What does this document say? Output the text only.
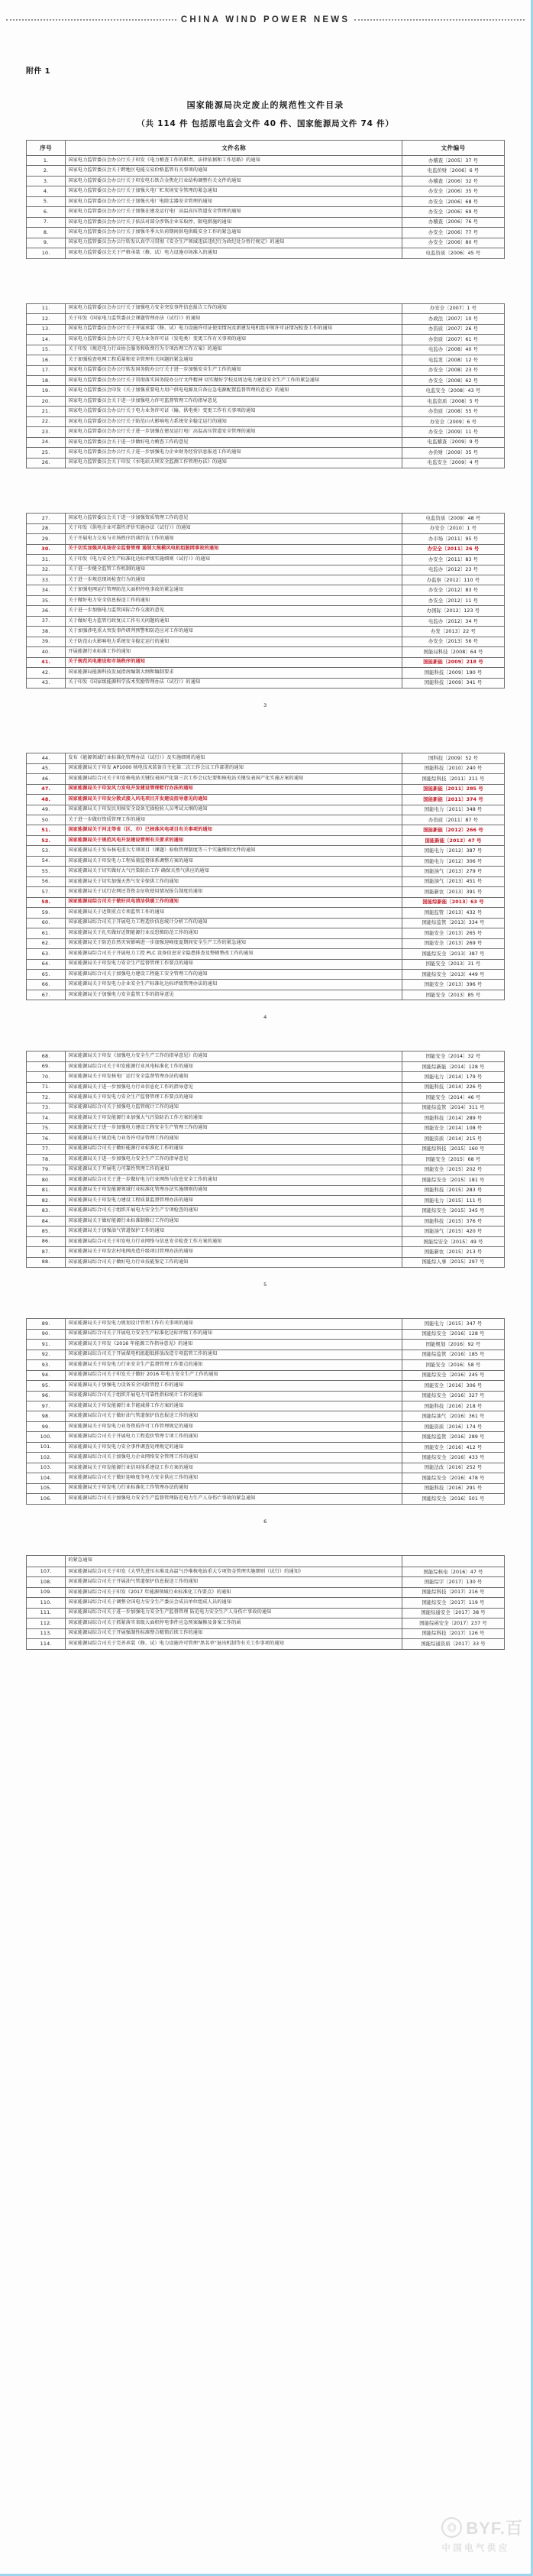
CHINA WIND POWER NEWS
附件 1
国家能源局决定废止的规范性文件目录
（共 114 件 包括原电监会文件 40 件、国家能源局文件 74 件）
序号	文件名称	文件编号
1.	国家电力监管委员会办公厅关于印发《电力稽查工作的职责、法律依据和工作思路》的通知	办稽查〔2005〕37 号
2.	国家电力监管委员会关于跨地区电能交易价格监管有关事项的通知	电监价财〔2006〕6 号
3.	国家电力监管委员会办公厅关于印发电石铁合金焦化行业结构调整有关文件的通知	办稽查〔2006〕32 号
4.	国家电力监管委员会办公厅关于加强火电厂贮灰场安全管理的紧急通知	办安全〔2006〕35 号
5.	国家电力监管委员会办公厅关于加强火电厂电除尘器安全管理的通知	办安全〔2006〕68 号
6.	国家电力监管委员会办公厅关于加强在建及运行电厂高温高压管道安全管理的通知	办安全〔2006〕69 号
7.	国家电力监管委员会办公厅关于依法对部分涉铬企业采取停、限电措施的通知	办稽查〔2006〕76 号
8.	国家电力监管委员会办公厅关于加强冬季大负荷期间供电供暖安全工作的紧急通知	办安全〔2006〕77 号
9.	国家电力监管委员会办公厅转发认真学习贯彻《安全生产领域违法违纪行为政纪处分暂行规定》的通知	办安全〔2006〕80 号
10.	国家电力监管委员会关于严格承装（修、试）电力设施市场准入的通知	电监资质〔2006〕45 号
11.	国家电力监管委员会办公厅关于加强电力安全突发事件信息报告工作的通知	办安全〔2007〕1 号
12.	关于印发《国家电力监管委员会课题管理办法（试行）》的通知	办政法〔2007〕10 号
13.	国家电力监管委员会办公厅关于开展承装（修、试）电力设施许可证使用情况及新建发电机组申领许可证情况检查工作的通知	办资质〔2007〕26 号
14.	国家电力监管委员会办公厅关于电力业务许可证（发电类）变更工作有关事项的通知	办资质〔2007〕61 号
15.	关于印发《规范电力行业协会服务和收费行为专项治理工作方案》的通知	电监办〔2008〕40 号
16.	关于加强检查电网工程质量和安全管理有关问题的紧急通知	电监发〔2008〕12 号
17.	国家电力监管委员会办公厅转发国务院办公厅关于进一步加强安全生产工作的通知	办安全〔2008〕23 号
18.	国家电力监管委员会办公厅关于贯彻落实国务院办公厅文件精神 切实做好学校及周边电力建设安全生产工作的紧急通知	办安全〔2008〕62 号
19.	国家电力监管委员会印发《关于加强重要电力用户供电电源及自备应急电源配置监督管理的意见》的通知	电监安全〔2008〕43 号
20.	国家电力监管委员会关于进一步加强电力许可监督管理工作的指导意见	电监资质〔2008〕5 号
21.	国家电力监管委员会办公厅关于电力业务许可证（输、供电类）变更工作有关事项的通知	办资质〔2008〕55 号
22.	国家电力监管委员会办公厅关于防范山火影响电力系统安全稳定运行的通知	办安全〔2009〕6 号
23.	国家电力监管委员会办公厅关于进一步加强在建及运行电厂高温高压管道安全管理的通知	办安全〔2009〕11 号
24.	国家电力监管委员会关于进一步做好电力稽查工作的意见	电监稽查〔2009〕9 号
25.	国家电力监管委员会办公厅关于进一步加强电力企业财务经营信息报送工作的通知	办价财〔2009〕35 号
26.	国家电力监管委员会关于印发《水电站大坝安全监测工作管理办法》的通知	电监安全〔2009〕4 号
27.	国家电力监管委员会关于进一步加强资质管理工作的意见	电监资质〔2009〕48 号
28.	关于印发《供电企业可靠性评价实施办法（试行）》的通知	办安全〔2010〕1 号
29.	关于开展电力交易与市场秩序约谈约访工作的通知	办市场〔2011〕95 号
30.	关于切实加强风电场安全监督管理 遏制大规模风电机组脱网事故的通知	办安全〔2011〕26 号
31.	关于印发《电力安全生产标准化达标评级实施细则（试行）》的通知	办安全〔2011〕83 号
32.	关于进一步健全监管工作机制的通知	电监办〔2012〕23 号
33.	关于进一步规范现场检查行为的通知	办监察〔2012〕110 号
34.	关于加强电网运行管理防范大面积停电事故的紧急通知	办安全〔2012〕83 号
35.	关于做好电力安全信息报送工作的通知	办安全〔2012〕11 号
36.	关于进一步加强电力监管国际合作交流的意见	办国际〔2012〕123 号
37.	关于做好电力监管行政复议工作有关问题的通知	电监办〔2012〕34 号
38.	关于加强涉电重大突发事件研判预警和防范应对工作的通知	办发〔2013〕22 号
39.	关于防范山火影响电力系统安全稳定运行的通知	办安全〔2013〕56 号
40.	开展能源行业标准工作的通知	国能局科技〔2008〕64 号
41.	关于规范风电建设和市场秩序的通知	国能新能〔2009〕218 号
42.	国家能源局能源科技发展指南编制大纲和编制要求	国能科技〔2009〕190 号
43.	关于印发《国家级能源科学技术奖励管理办法（试行）》的通知	国能科技〔2009〕341 号
3
44.	发布《能源领域行业标准化管理办法（试行）》及实施细则的通知	国科技〔2009〕52 号
45.	国家能源局关于印发 AP1000 核电技术装备自主化第二次工作会议工作部署的通知	国能科技〔2010〕240 号
46.	国家能源局综合司关于印发核电站关键仪表国产化第三次工作会议纪要和核电站关键仪表国产化实施方案的通知	国能综科技〔2011〕211 号
47.	国家能源局关于印发风力发电开发建设管理暂行办法的通知	国能新能〔2011〕285 号
48.	国家能源局关于印发分散式接入风电项目开发建设指导意见的通知	国能新能〔2011〕374 号
49.	国家能源局关于印发民用核安全设备无损检验人员考试大纲的通知	国能电力〔2011〕348 号
50.	关于进一步做好资质管理工作的通知	办资质〔2011〕87 号
51.	国家能源局关于河北等省（区、市）已核准风电项目有关事项的通知	国能新能〔2012〕266 号
52.	国家能源局关于规范风电开发建设管理有关要求的通知	国能新能〔2012〕47 号
53.	国家能源局关于发布核电重大专项项目（课题）验收管理制度等三个实施细则文件的通知	国能电力〔2012〕387 号
54.	国家能源局关于印发电力工程质量监督体系调整方案的通知	国能电力〔2012〕306 号
55.	国家能源局关于切实做好大气污染防治工作 确保天然气供应的通知	国能油气〔2013〕279 号
56.	国家能源局关于切实加强天然气安全保供工作的通知	国能油气〔2013〕451 号
57.	国家能源局关于试行农网还贷资金征收使用情况报告制度的通知	国能新农〔2013〕391 号
58.	国家能源局综合司关于做好风电清洁供暖工作的通知	国能综新能〔2013〕63 号
59.	国家能源局关于近期重点专项监管工作的通知	国能监管〔2013〕432 号
60.	国家能源局综合司关于开展电力工程造价信息统计分析工作的通知	国能综监管〔2013〕334 号
61.	国家能源局关于扎实做好近期能源行业反恐怖防范工作的通知	国能安全〔2013〕265 号
62.	国家能源局关于防范自然灾害影响进一步加强迎峰度夏期间安全生产工作的紧急通知	国能安全〔2013〕269 号
63.	国家能源局综合司关于开展电力工控 PLC 设备信息安全隐患排查及整顿整改工作的通知	国能综安全〔2013〕387 号
64.	国家能源局关于印发电力安全生产监督管理工作要点的通知	国能安全〔2013〕31 号
65.	国家能源局综合司关于加强电力建设工程施工安全管理工作的通知	国能综安全〔2013〕449 号
66.	国家能源局关于印发电力企业安全生产标准化达标评级管理办法的通知	国能安全〔2013〕396 号
67.	国家能源局关于加强电力安全监管工作的指导意见	国能安全〔2013〕85 号
4
68.	国家能源局关于印发《加强电力安全生产工作的指导意见》的通知	国能安全〔2014〕32 号
69.	国家能源局综合司关于印发能源行业风电标准化工作的通知	国能综新能〔2014〕128 号
70.	国家能源局关于印发核电厂运行安全监督管理办法的通知	国能电力〔2014〕179 号
71.	国家能源局关于进一步加强电力行业信息化工作的指导意见	国能科技〔2014〕226 号
72.	国家能源局关于印发电力安全生产监督管理工作要点的通知	国能安全〔2014〕46 号
73.	国家能源局综合司关于加强电力监管统计工作的通知	国能综监管〔2014〕311 号
74.	国家能源局关于印发能源行业加强大气污染防治工作方案的通知	国能科技〔2014〕289 号
75.	国家能源局关于进一步加强电力建设工程安全生产管理工作的通知	国能安全〔2014〕108 号
76.	国家能源局关于规范电力业务许可证管理工作的通知	国能资质〔2014〕215 号
77.	国家能源局综合司关于做好能源行业标准化工作的通知	国能综科技〔2015〕160 号
78.	国家能源局关于进一步加强电力安全生产工作的指导意见	国能安全〔2015〕68 号
79.	国家能源局关于开展电力可靠性管理工作的通知	国能安全〔2015〕202 号
80.	国家能源局综合司关于进一步做好电力行业网络与信息安全工作的通知	国能综安全〔2015〕181 号
81.	国家能源局关于印发能源领域行业标准化管理办法实施细则的通知	国能科技〔2015〕283 号
82.	国家能源局关于印发电力建设工程质量监督管理办法的通知	国能电力〔2015〕111 号
83.	国家能源局综合司关于组织开展电力安全生产专项检查的通知	国能综安全〔2015〕345 号
84.	国家能源局关于做好能源行业标准制修订工作的通知	国能科技〔2015〕376 号
85.	国家能源局关于加强油气管道保护工作的通知	国能油气〔2015〕420 号
86.	国家能源局综合司关于印发电力行业网络与信息安全检查工作方案的通知	国能综安全〔2015〕49 号
87.	国家能源局关于印发农村电网改造升级项目管理办法的通知	国能新农〔2015〕213 号
88.	国家能源局综合司关于做好电力行业技能鉴定工作的通知	国能综人事〔2015〕297 号
5
89.	国家能源局关于印发电力规划设计管理工作有关事项的通知	国能电力〔2015〕347 号
90.	国家能源局综合司关于开展电力安全生产标准化达标评级工作的通知	国能综安全〔2016〕128 号
91.	国家能源局关于印发《2016 年能源工作指导意见》的通知	国能规划〔2016〕92 号
92.	国家能源局综合司关于开展煤电机组超低排放改造专项监管工作的通知	国能综监管〔2016〕185 号
93.	国家能源局关于印发电力行业安全生产监督管理工作要点的通知	国能安全〔2016〕58 号
94.	国家能源局综合司关于印发关于做好 2016 年电力安全生产工作的通知	国能综安全〔2016〕245 号
95.	国家能源局关于加强电力设备安全风险管控工作的通知	国能安全〔2016〕306 号
96.	国家能源局综合司关于组织开展电力可靠性指标统计工作的通知	国能综安全〔2016〕327 号
97.	国家能源局关于印发能源行业节能减排工作方案的通知	国能科技〔2016〕218 号
98.	国家能源局综合司关于做好油气管道保护信息报送工作的通知	国能综油气〔2016〕361 号
99.	国家能源局关于印发电力业务资质许可工作管理规定的通知	国能资质〔2016〕174 号
100.	国家能源局综合司关于开展电力工程造价管理专项工作的通知	国能综监管〔2016〕289 号
101.	国家能源局关于印发电力安全事件调查处理规定的通知	国能安全〔2016〕412 号
102.	国家能源局综合司关于加强电力企业网络安全管理工作的通知	国能综安全〔2016〕433 号
103.	国家能源局关于印发能源行业信用体系建设工作方案的通知	国能法改〔2016〕252 号
104.	国家能源局综合司关于做好迎峰度冬电力安全供应工作的通知	国能综安全〔2016〕478 号
105.	国家能源局关于印发电力行业标准化工作管理办法的通知	国能科技〔2016〕291 号
106.	国家能源局综合司关于加强电力安全生产监督管理防范电力生产人身伤亡事故的紧急通知	国能综安全〔2016〕501 号
6
	的紧急通知	
107.	国家能源局综合司关于印发《大型先进压水堆及高温气冷堆核电站重大专项资金管理实施细则（试行）的通知》	国能综核电〔2016〕47 号
108.	国家能源局综合司关于开展油气管道保护信息报送工作的通知	国能综字〔2017〕130 号
109.	国家能源局综合司关于印发《2017 年能源领域行业标准化工作要点》的通知	国能综科技〔2017〕216 号
110.	国家能源局综合司关于调整全国电力安全生产委员会成员单位组成人员的通知	国能综安全〔2017〕119 号
111.	国家能源局综合司关于进一步加强电力安全生产监督管理 防范电力安全生产人身伤亡事故的通知	国能综通安全〔2017〕38 号
112.	国家能源局综合司关于抓紧落实省级大面积停电事件应急预案编修及备案工作的函	国能综函安全〔2017〕237 号
113.	国家能源局综合司关于开展强制性标准整合精简后续工作的通知	国能综科技〔2017〕126 号
114.	国家能源局综合司关于完善承装（修、试）电力设施许可管理"黑名单"退出机制等有关工作事项的通知	国能综通资质〔2017〕33 号
◎ BYF.百
中国电气供应
